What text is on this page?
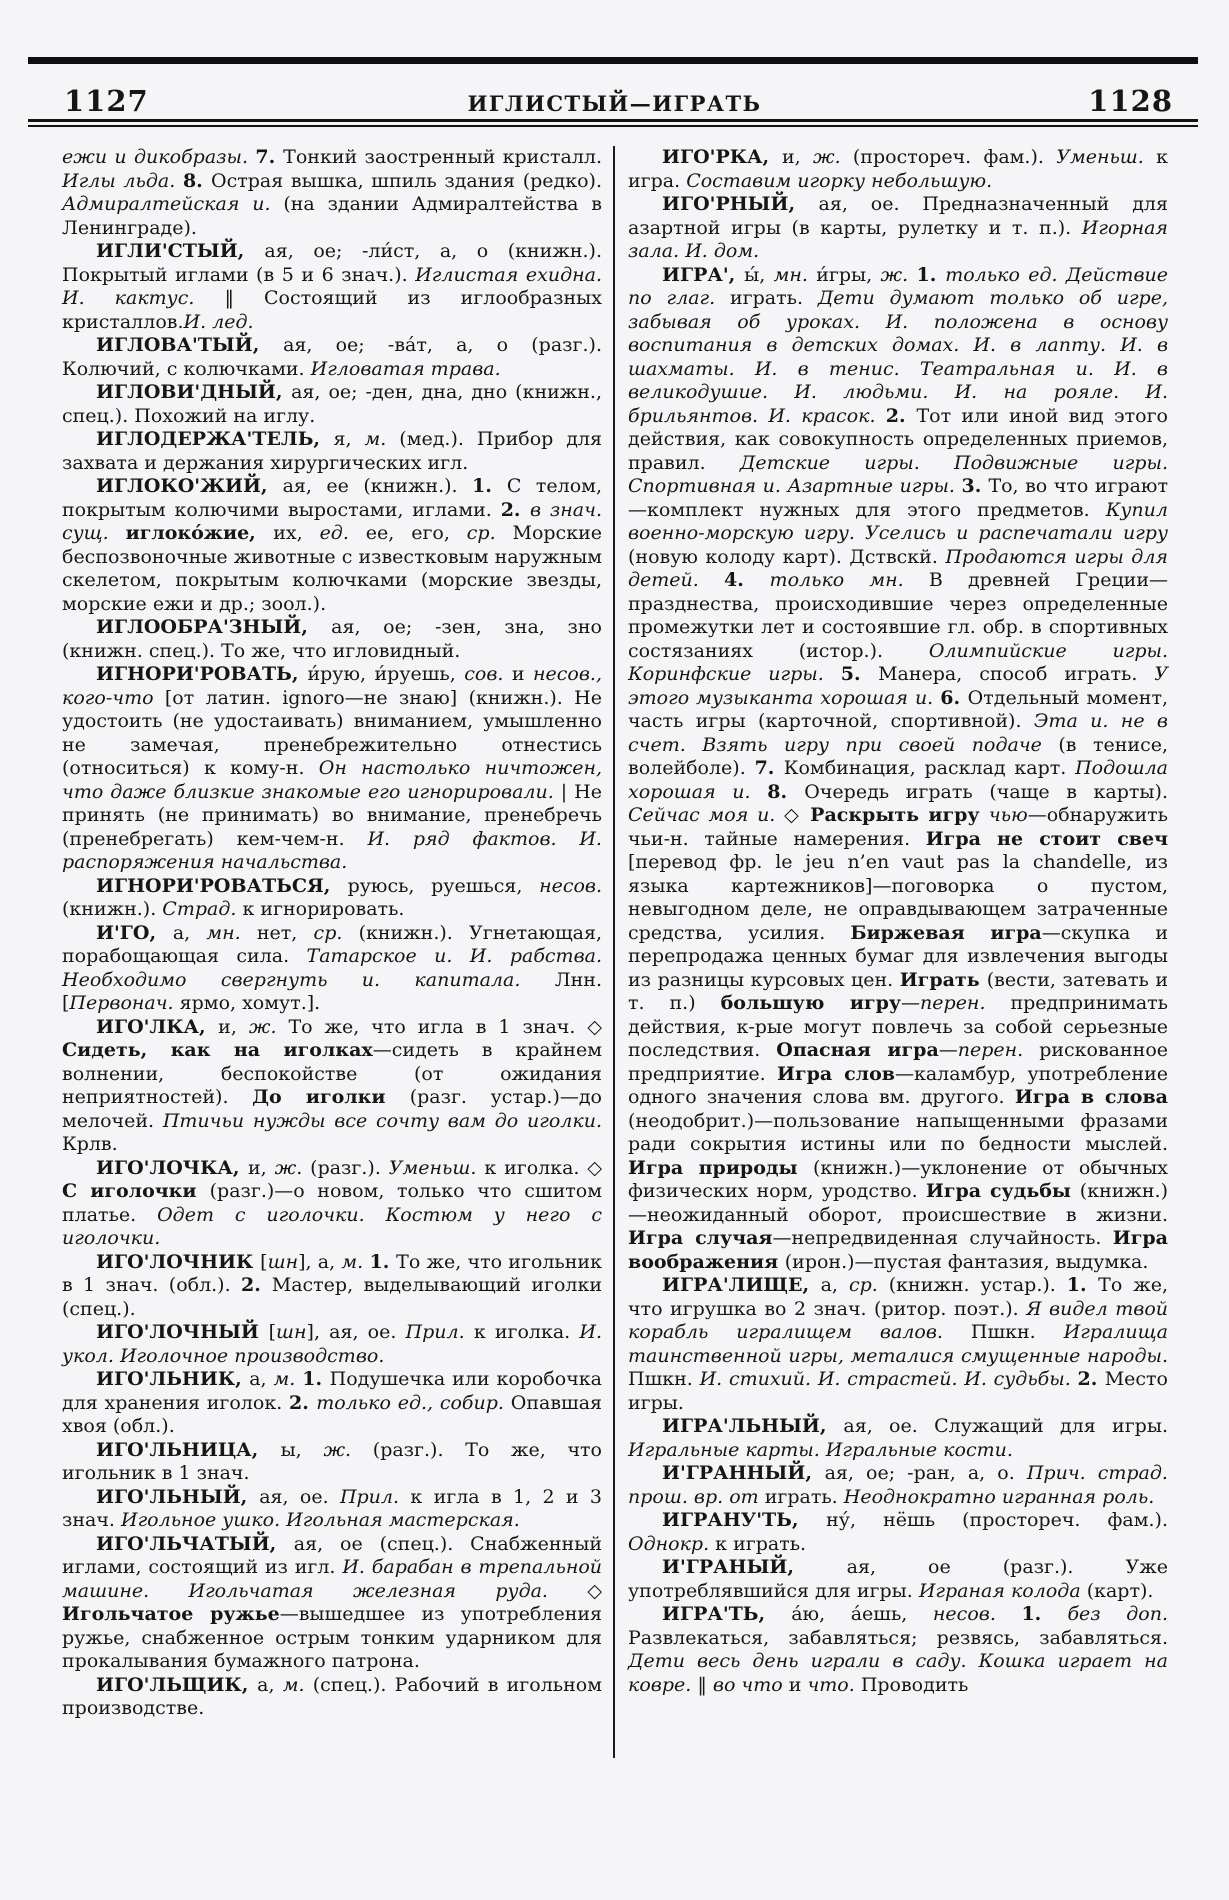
1127	ИГЛИСТЫЙ—ИГРАТЬ	1128

ежи и дикобразы. 7. Тонкий заостренный кристалл. Иглы льда. 8. Острая вышка, шпиль здания (редко). Адмиралтейская и. (на здании Адмиралтейства в Ленинграде).

ИГЛИ'СТЫЙ, ая, ое; -ли́ст, а, о (книжн.). Покрытый иглами (в 5 и 6 знач.). Иглистая ехидна. И. кактус. ‖ Состоящий из иглообразных кристаллов.И. лед.

ИГЛОВА'ТЫЙ, ая, ое; -ва́т, а, о (разг.). Колючий, с колючками. Игловатая трава.

ИГЛОВИ'ДНЫЙ, ая, ое; -ден, дна, дно (книжн., спец.). Похожий на иглу.

ИГЛОДЕРЖА'ТЕЛЬ, я, м. (мед.). Прибор для захвата и держания хирургических игл.

ИГЛОКО'ЖИЙ, ая, ее (книжн.). 1. С телом, покрытым колючими выростами, иглами. 2. в знач. сущ. иглоко́жие, их, ед. ее, его, ср. Морские беспозвоночные животные с известковым наружным скелетом, покрытым колючками (морские звезды, морские ежи и др.; зоол.).

ИГЛООБРА'ЗНЫЙ, ая, ое; -зен, зна, зно (книжн. спец.). То же, что игловидный.

ИГНОРИ'РОВАТЬ, и́рую, и́руешь, сов. и несов., кого-что [от латин. ignoro—не знаю] (книжн.). Не удостоить (не удостаивать) вниманием, умышленно не замечая, пренебрежительно отнестись (относиться) к кому-н. Он настолько ничтожен, что даже близкие знакомые его игнорировали. | Не принять (не принимать) во внимание, пренебречь (пренебрегать) кем-чем-н. И. ряд фактов. И. распоряжения начальства.

ИГНОРИ'РОВАТЬСЯ, руюсь, руешься, несов. (книжн.). Страд. к игнорировать.

И'ГО, а, мн. нет, ср. (книжн.). Угнетающая, порабощающая сила. Татарское и. И. рабства. Необходимо свергнуть и. капитала. Лнн. [Первонач. ярмо, хомут.].

ИГО'ЛКА, и, ж. То же, что игла в 1 знач. ◇ Сидеть, как на иголках—сидеть в крайнем волнении, беспокойстве (от ожидания неприятностей). До иголки (разг. устар.)—до мелочей. Птичьи нужды все сочту вам до иголки. Крлв.

ИГО'ЛОЧКА, и, ж. (разг.). Уменьш. к иголка. ◇ С иголочки (разг.)—о новом, только что сшитом платье. Одет с иголочки. Костюм у него с иголочки.

ИГО'ЛОЧНИК [шн], а, м. 1. То же, что игольник в 1 знач. (обл.). 2. Мастер, выделывающий иголки (спец.).

ИГО'ЛОЧНЫЙ [шн], ая, ое. Прил. к иголка. И. укол. Иголочное производство.

ИГО'ЛЬНИК, а, м. 1. Подушечка или коробочка для хранения иголок. 2. только ед., собир. Опавшая хвоя (обл.).

ИГО'ЛЬНИЦА, ы, ж. (разг.). То же, что игольник в 1 знач.

ИГО'ЛЬНЫЙ, ая, ое. Прил. к игла в 1, 2 и 3 знач. Игольное ушко. Игольная мастерская.

ИГО'ЛЬЧАТЫЙ, ая, ое (спец.). Снабженный иглами, состоящий из игл. И. барабан в трепальной машине. Игольчатая железная руда. ◇ Игольчатое ружье—вышедшее из употребления ружье, снабженное острым тонким ударником для прокалывания бумажного патрона.

ИГО'ЛЬЩИК, а, м. (спец.). Рабочий в игольном производстве.

ИГО'РКА, и, ж. (простореч. фам.). Уменьш. к игра. Составим игорку небольшую.

ИГО'РНЫЙ, ая, ое. Предназначенный для азартной игры (в карты, рулетку и т. п.). Игорная зала. И. дом.

ИГРА', ы́, мн. и́гры, ж. 1. только ед. Действие по глаг. играть. Дети думают только об игре, забывая об уроках. И. положена в основу воспитания в детских домах. И. в лапту. И. в шахматы. И. в тенис. Театральная и. И. в великодушие. И. людьми. И. на рояле. И. брильянтов. И. красок. 2. Тот или иной вид этого действия, как совокупность определенных приемов, правил. Детские игры. Подвижные игры. Спортивная и. Азартные игры. 3. То, во что играют—комплект нужных для этого предметов. Купил военно-морскую игру. Уселись и распечатали игру (новую колоду карт). Дствскй. Продаются игры для детей. 4. только мн. В древней Греции—празднества, происходившие через определенные промежутки лет и состоявшие гл. обр. в спортивных состязаниях (истор.). Олимпийские игры. Коринфские игры. 5. Манера, способ играть. У этого музыканта хорошая и. 6. Отдельный момент, часть игры (карточной, спортивной). Эта и. не в счет. Взять игру при своей подаче (в тенисе, волейболе). 7. Комбинация, расклад карт. Подошла хорошая и. 8. Очередь играть (чаще в карты). Сейчас моя и. ◇ Раскрыть игру чью—обнаружить чьи-н. тайные намерения. Игра не стоит свеч [перевод фр. le jeu n’en vaut pas la chandelle, из языка картежников]—поговорка о пустом, невыгодном деле, не оправдывающем затраченные средства, усилия. Биржевая игра—скупка и перепродажа ценных бумаг для извлечения выгоды из разницы курсовых цен. Играть (вести, затевать и т. п.) большую игру—перен. предпринимать действия, к-рые могут повлечь за собой серьезные последствия. Опасная игра—перен. рискованное предприятие. Игра слов—каламбур, употребление одного значения слова вм. другого. Игра в слова (неодобрит.)—пользование напыщенными фразами ради сокрытия истины или по бедности мыслей. Игра природы (книжн.)—уклонение от обычных физических норм, уродство. Игра судьбы (книжн.)—неожиданный оборот, происшествие в жизни. Игра случая—непредвиденная случайность. Игра воображения (ирон.)—пустая фантазия, выдумка.

ИГРА'ЛИЩЕ, а, ср. (книжн. устар.). 1. То же, что игрушка во 2 знач. (ритор. поэт.). Я видел твой корабль игралищем валов. Пшкн. Игралища таинственной игры, металися смущенные народы. Пшкн. И. стихий. И. страстей. И. судьбы. 2. Место игры.

ИГРА'ЛЬНЫЙ, ая, ое. Служащий для игры. Игральные карты. Игральные кости.

И'ГРАННЫЙ, ая, ое; -ран, а, о. Прич. страд. прош. вр. от играть. Неоднократно игранная роль.

ИГРАНУ'ТЬ, ну́, нёшь (простореч. фам.). Однокр. к играть.

И'ГРАНЫЙ, ая, ое (разг.). Уже употреблявшийся для игры. Играная колода (карт).

ИГРА'ТЬ, а́ю, а́ешь, несов. 1. без доп. Развлекаться, забавляться; резвясь, забавляться. Дети весь день играли в саду. Кошка играет на ковре. ‖ во что и что. Проводить
